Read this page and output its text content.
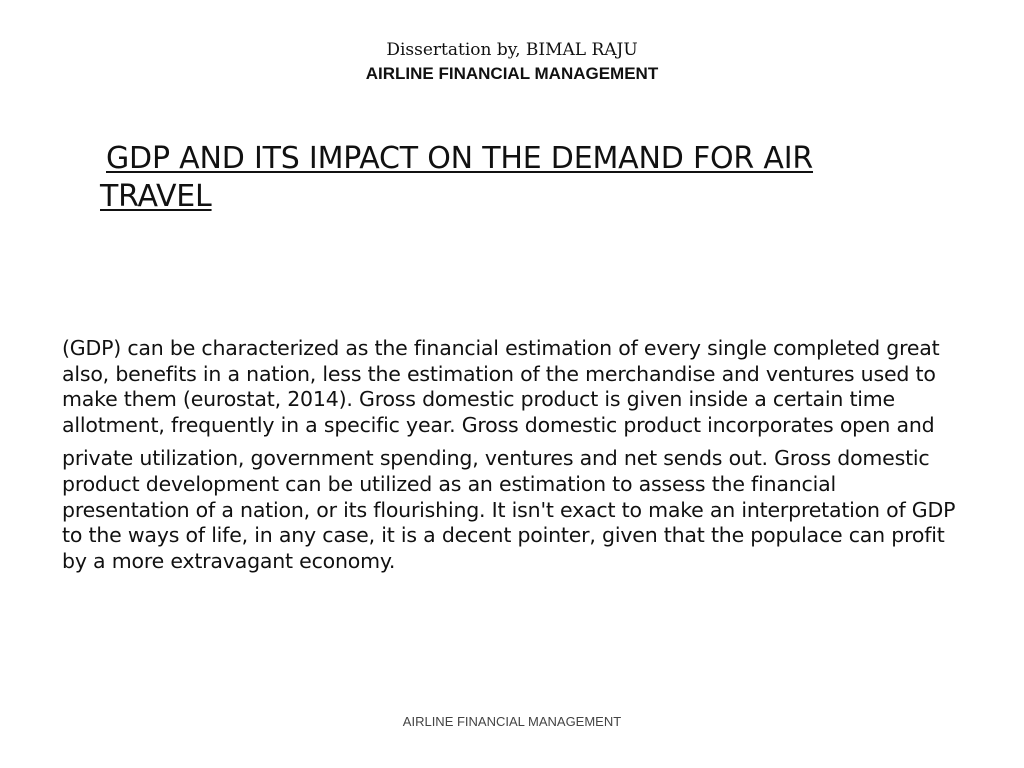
Dissertation by, BIMAL RAJU
AIRLINE FINANCIAL MANAGEMENT
GDP AND ITS IMPACT ON THE DEMAND FOR AIR TRAVEL

(GDP) can be characterized as the financial estimation of every single completed great also, benefits in a nation, less the estimation of the merchandise and ventures used to make them (eurostat, 2014). Gross domestic product is given inside a certain time allotment, frequently in a specific year. Gross domestic product incorporates open and

private utilization, government spending, ventures and net sends out. Gross domestic product development can be utilized as an estimation to assess the financial presentation of a nation, or its flourishing. It isn't exact to make an interpretation of GDP to the ways of life, in any case, it is a decent pointer, given that the populace can profit by a more extravagant economy.

AIRLINE FINANCIAL MANAGEMENT
